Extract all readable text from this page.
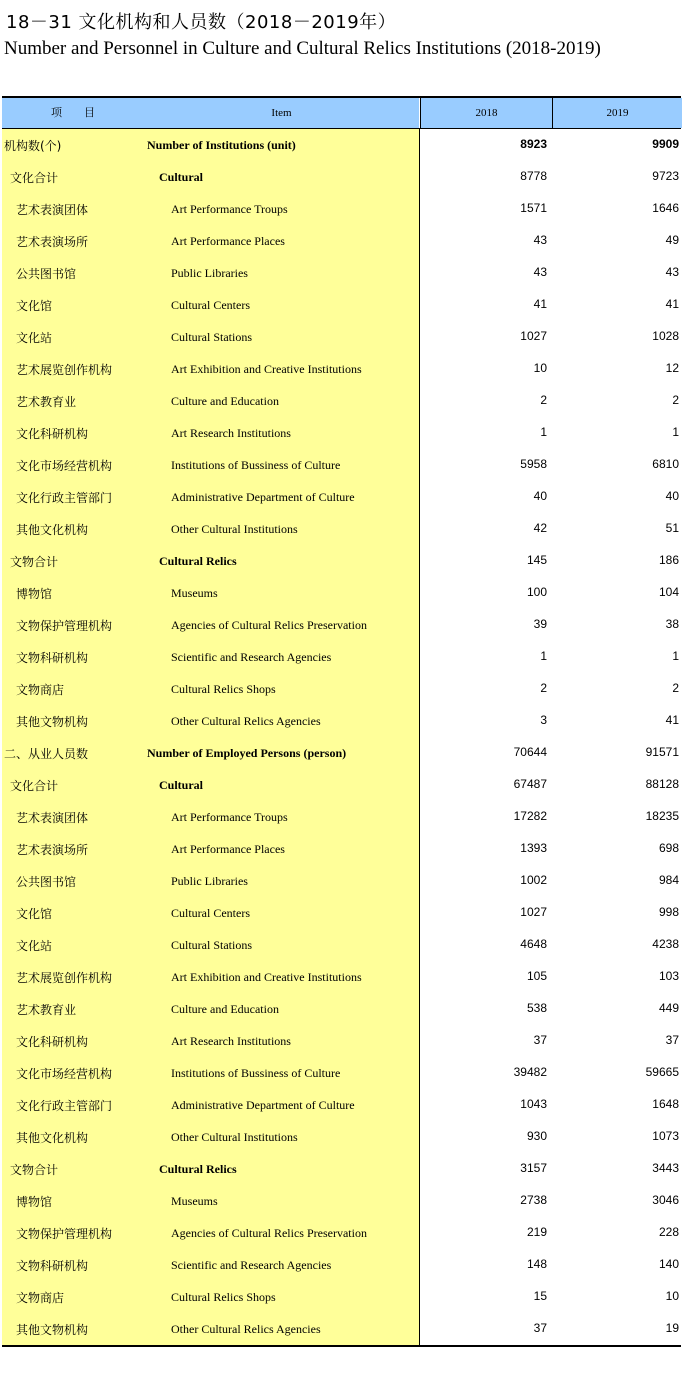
18－31 文化机构和人员数（2018－2019年）
Number and Personnel in Culture and Cultural Relics Institutions (2018-2019)
项　　目	Item	2018	2019
机构数(个)	Number of Institutions (unit)	8923	9909
文化合计	Cultural	8778	9723
艺术表演团体	Art Performance Troups	1571	1646
艺术表演场所	Art Performance Places	43	49
公共图书馆	Public Libraries	43	43
文化馆	Cultural Centers	41	41
文化站	Cultural Stations	1027	1028
艺术展览创作机构	Art Exhibition and Creative Institutions	10	12
艺术教育业	Culture and Education	2	2
文化科研机构	Art Research Institutions	1	1
文化市场经营机构	Institutions of Bussiness of Culture	5958	6810
文化行政主管部门	Administrative Department of Culture	40	40
其他文化机构	Other Cultural Institutions	42	51
文物合计	Cultural Relics	145	186
博物馆	Museums	100	104
文物保护管理机构	Agencies of Cultural Relics Preservation	39	38
文物科研机构	Scientific and Research Agencies	1	1
文物商店	Cultural Relics Shops	2	2
其他文物机构	Other Cultural Relics Agencies	3	41
二、从业人员数	Number of Employed Persons (person)	70644	91571
文化合计	Cultural	67487	88128
艺术表演团体	Art Performance Troups	17282	18235
艺术表演场所	Art Performance Places	1393	698
公共图书馆	Public Libraries	1002	984
文化馆	Cultural Centers	1027	998
文化站	Cultural Stations	4648	4238
艺术展览创作机构	Art Exhibition and Creative Institutions	105	103
艺术教育业	Culture and Education	538	449
文化科研机构	Art Research Institutions	37	37
文化市场经营机构	Institutions of Bussiness of Culture	39482	59665
文化行政主管部门	Administrative Department of Culture	1043	1648
其他文化机构	Other Cultural Institutions	930	1073
文物合计	Cultural Relics	3157	3443
博物馆	Museums	2738	3046
文物保护管理机构	Agencies of Cultural Relics Preservation	219	228
文物科研机构	Scientific and Research Agencies	148	140
文物商店	Cultural Relics Shops	15	10
其他文物机构	Other Cultural Relics Agencies	37	19
